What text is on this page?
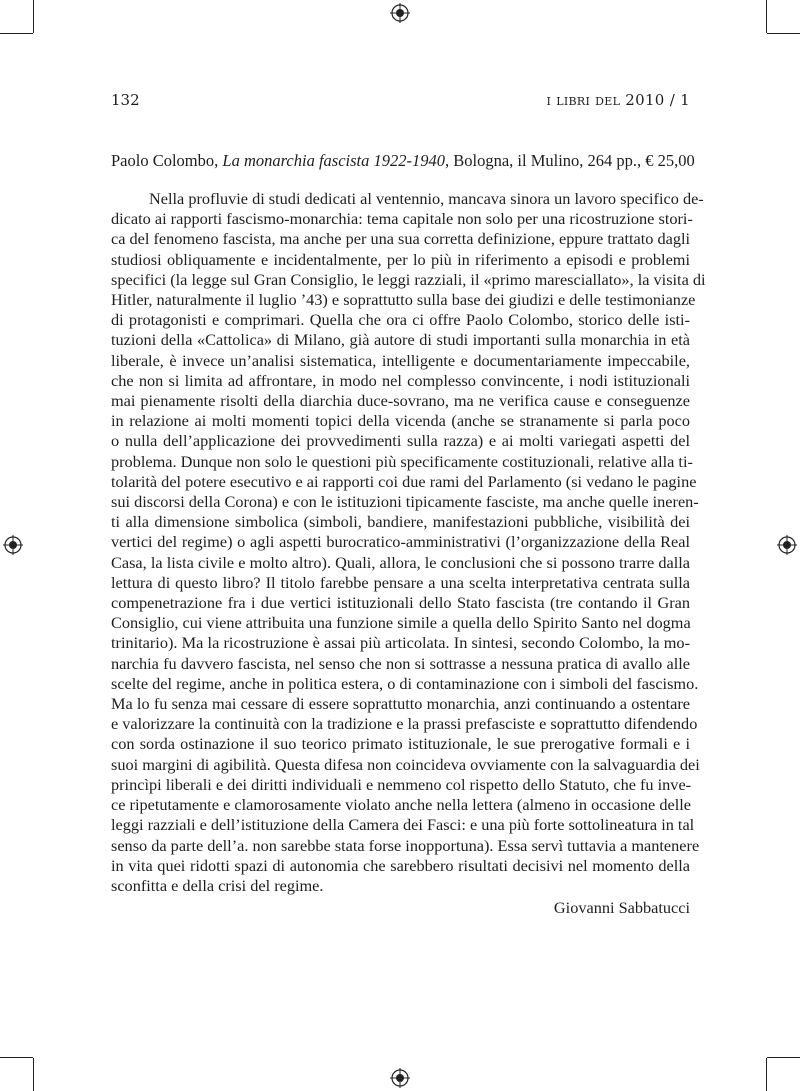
132	i libri del 2010 / 1
Paolo Colombo, La monarchia fascista 1922-1940, Bologna, il Mulino, 264 pp., € 25,00
Nella profluvie di studi dedicati al ventennio, mancava sinora un lavoro specifico de-
dicato ai rapporti fascismo-monarchia: tema capitale non solo per una ricostruzione stori-
ca del fenomeno fascista, ma anche per una sua corretta definizione, eppure trattato dagli
studiosi obliquamente e incidentalmente, per lo più in riferimento a episodi e problemi
specifici (la legge sul Gran Consiglio, le leggi razziali, il «primo maresciallato», la visita di
Hitler, naturalmente il luglio ’43) e soprattutto sulla base dei giudizi e delle testimonianze
di protagonisti e comprimari. Quella che ora ci offre Paolo Colombo, storico delle isti-
tuzioni della «Cattolica» di Milano, già autore di studi importanti sulla monarchia in età
liberale, è invece un’analisi sistematica, intelligente e documentariamente impeccabile,
che non si limita ad affrontare, in modo nel complesso convincente, i nodi istituzionali
mai pienamente risolti della diarchia duce-sovrano, ma ne verifica cause e conseguenze
in relazione ai molti momenti topici della vicenda (anche se stranamente si parla poco
o nulla dell’applicazione dei provvedimenti sulla razza) e ai molti variegati aspetti del
problema. Dunque non solo le questioni più specificamente costituzionali, relative alla ti-
tolarità del potere esecutivo e ai rapporti coi due rami del Parlamento (si vedano le pagine
sui discorsi della Corona) e con le istituzioni tipicamente fasciste, ma anche quelle ineren-
ti alla dimensione simbolica (simboli, bandiere, manifestazioni pubbliche, visibilità dei
vertici del regime) o agli aspetti burocratico-amministrativi (l’organizzazione della Real
Casa, la lista civile e molto altro). Quali, allora, le conclusioni che si possono trarre dalla
lettura di questo libro? Il titolo farebbe pensare a una scelta interpretativa centrata sulla
compenetrazione fra i due vertici istituzionali dello Stato fascista (tre contando il Gran
Consiglio, cui viene attribuita una funzione simile a quella dello Spirito Santo nel dogma
trinitario). Ma la ricostruzione è assai più articolata. In sintesi, secondo Colombo, la mo-
narchia fu davvero fascista, nel senso che non si sottrasse a nessuna pratica di avallo alle
scelte del regime, anche in politica estera, o di contaminazione con i simboli del fascismo.
Ma lo fu senza mai cessare di essere soprattutto monarchia, anzi continuando a ostentare
e valorizzare la continuità con la tradizione e la prassi prefasciste e soprattutto difendendo
con sorda ostinazione il suo teorico primato istituzionale, le sue prerogative formali e i
suoi margini di agibilità. Questa difesa non coincideva ovviamente con la salvaguardia dei
princìpi liberali e dei diritti individuali e nemmeno col rispetto dello Statuto, che fu inve-
ce ripetutamente e clamorosamente violato anche nella lettera (almeno in occasione delle
leggi razziali e dell’istituzione della Camera dei Fasci: e una più forte sottolineatura in tal
senso da parte dell’a. non sarebbe stata forse inopportuna). Essa servì tuttavia a mantenere
in vita quei ridotti spazi di autonomia che sarebbero risultati decisivi nel momento della
sconfitta e della crisi del regime.
Giovanni Sabbatucci
